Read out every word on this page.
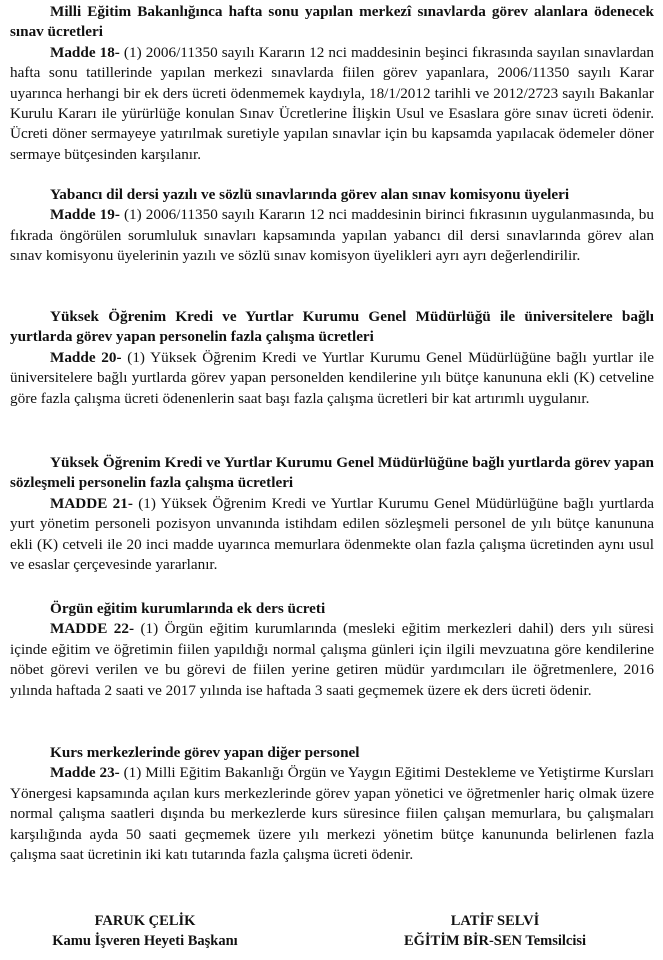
Milli Eğitim Bakanlığınca hafta sonu yapılan merkezî sınavlarda görev alanlara ödenecek sınav ücretleri

Madde 18- (1) 2006/11350 sayılı Kararın 12 nci maddesinin beşinci fıkrasında sayılan sınavlardan hafta sonu tatillerinde yapılan merkezi sınavlarda fiilen görev yapanlara, 2006/11350 sayılı Karar uyarınca herhangi bir ek ders ücreti ödenmemek kaydıyla, 18/1/2012 tarihli ve 2012/2723 sayılı Bakanlar Kurulu Kararı ile yürürlüğe konulan Sınav Ücretlerine İlişkin Usul ve Esaslara göre sınav ücreti ödenir. Ücreti döner sermayeye yatırılmak suretiyle yapılan sınavlar için bu kapsamda yapılacak ödemeler döner sermaye bütçesinden karşılanır.

Yabancı dil dersi yazılı ve sözlü sınavlarında görev alan sınav komisyonu üyeleri

Madde 19- (1) 2006/11350 sayılı Kararın 12 nci maddesinin birinci fıkrasının uygulanmasında, bu fıkrada öngörülen sorumluluk sınavları kapsamında yapılan yabancı dil dersi sınavlarında görev alan sınav komisyonu üyelerinin yazılı ve sözlü sınav komisyon üyelikleri ayrı ayrı değerlendirilir.

Yüksek Öğrenim Kredi ve Yurtlar Kurumu Genel Müdürlüğü ile üniversitelere bağlı yurtlarda görev yapan personelin fazla çalışma ücretleri

Madde 20- (1) Yüksek Öğrenim Kredi ve Yurtlar Kurumu Genel Müdürlüğüne bağlı yurtlar ile üniversitelere bağlı yurtlarda görev yapan personelden kendilerine yılı bütçe kanununa ekli (K) cetveline göre fazla çalışma ücreti ödenenlerin saat başı fazla çalışma ücretleri bir kat artırımlı uygulanır.

Yüksek Öğrenim Kredi ve Yurtlar Kurumu Genel Müdürlüğüne bağlı yurtlarda görev yapan sözleşmeli personelin fazla çalışma ücretleri

MADDE 21- (1) Yüksek Öğrenim Kredi ve Yurtlar Kurumu Genel Müdürlüğüne bağlı yurtlarda yurt yönetim personeli pozisyon unvanında istihdam edilen sözleşmeli personel de yılı bütçe kanununa ekli (K) cetveli ile 20 inci madde uyarınca memurlara ödenmekte olan fazla çalışma ücretinden aynı usul ve esaslar çerçevesinde yararlanır.

Örgün eğitim kurumlarında ek ders ücreti

MADDE 22- (1) Örgün eğitim kurumlarında (mesleki eğitim merkezleri dahil) ders yılı süresi içinde eğitim ve öğretimin fiilen yapıldığı normal çalışma günleri için ilgili mevzuatına göre kendilerine nöbet görevi verilen ve bu görevi de fiilen yerine getiren müdür yardımcıları ile öğretmenlere, 2016 yılında haftada 2 saati ve 2017 yılında ise haftada 3 saati geçmemek üzere ek ders ücreti ödenir.

Kurs merkezlerinde görev yapan diğer personel

Madde 23- (1) Milli Eğitim Bakanlığı Örgün ve Yaygın Eğitimi Destekleme ve Yetiştirme Kursları Yönergesi kapsamında açılan kurs merkezlerinde görev yapan yönetici ve öğretmenler hariç olmak üzere normal çalışma saatleri dışında bu merkezlerde kurs süresince fiilen çalışan memurlara, bu çalışmaları karşılığında ayda 50 saati geçmemek üzere yılı merkezi yönetim bütçe kanununda belirlenen fazla çalışma saat ücretinin iki katı tutarında fazla çalışma ücreti ödenir.

FARUK ÇELİK
Kamu İşveren Heyeti Başkanı
LATİF SELVİ
EĞİTİM BİR-SEN Temsilcisi
